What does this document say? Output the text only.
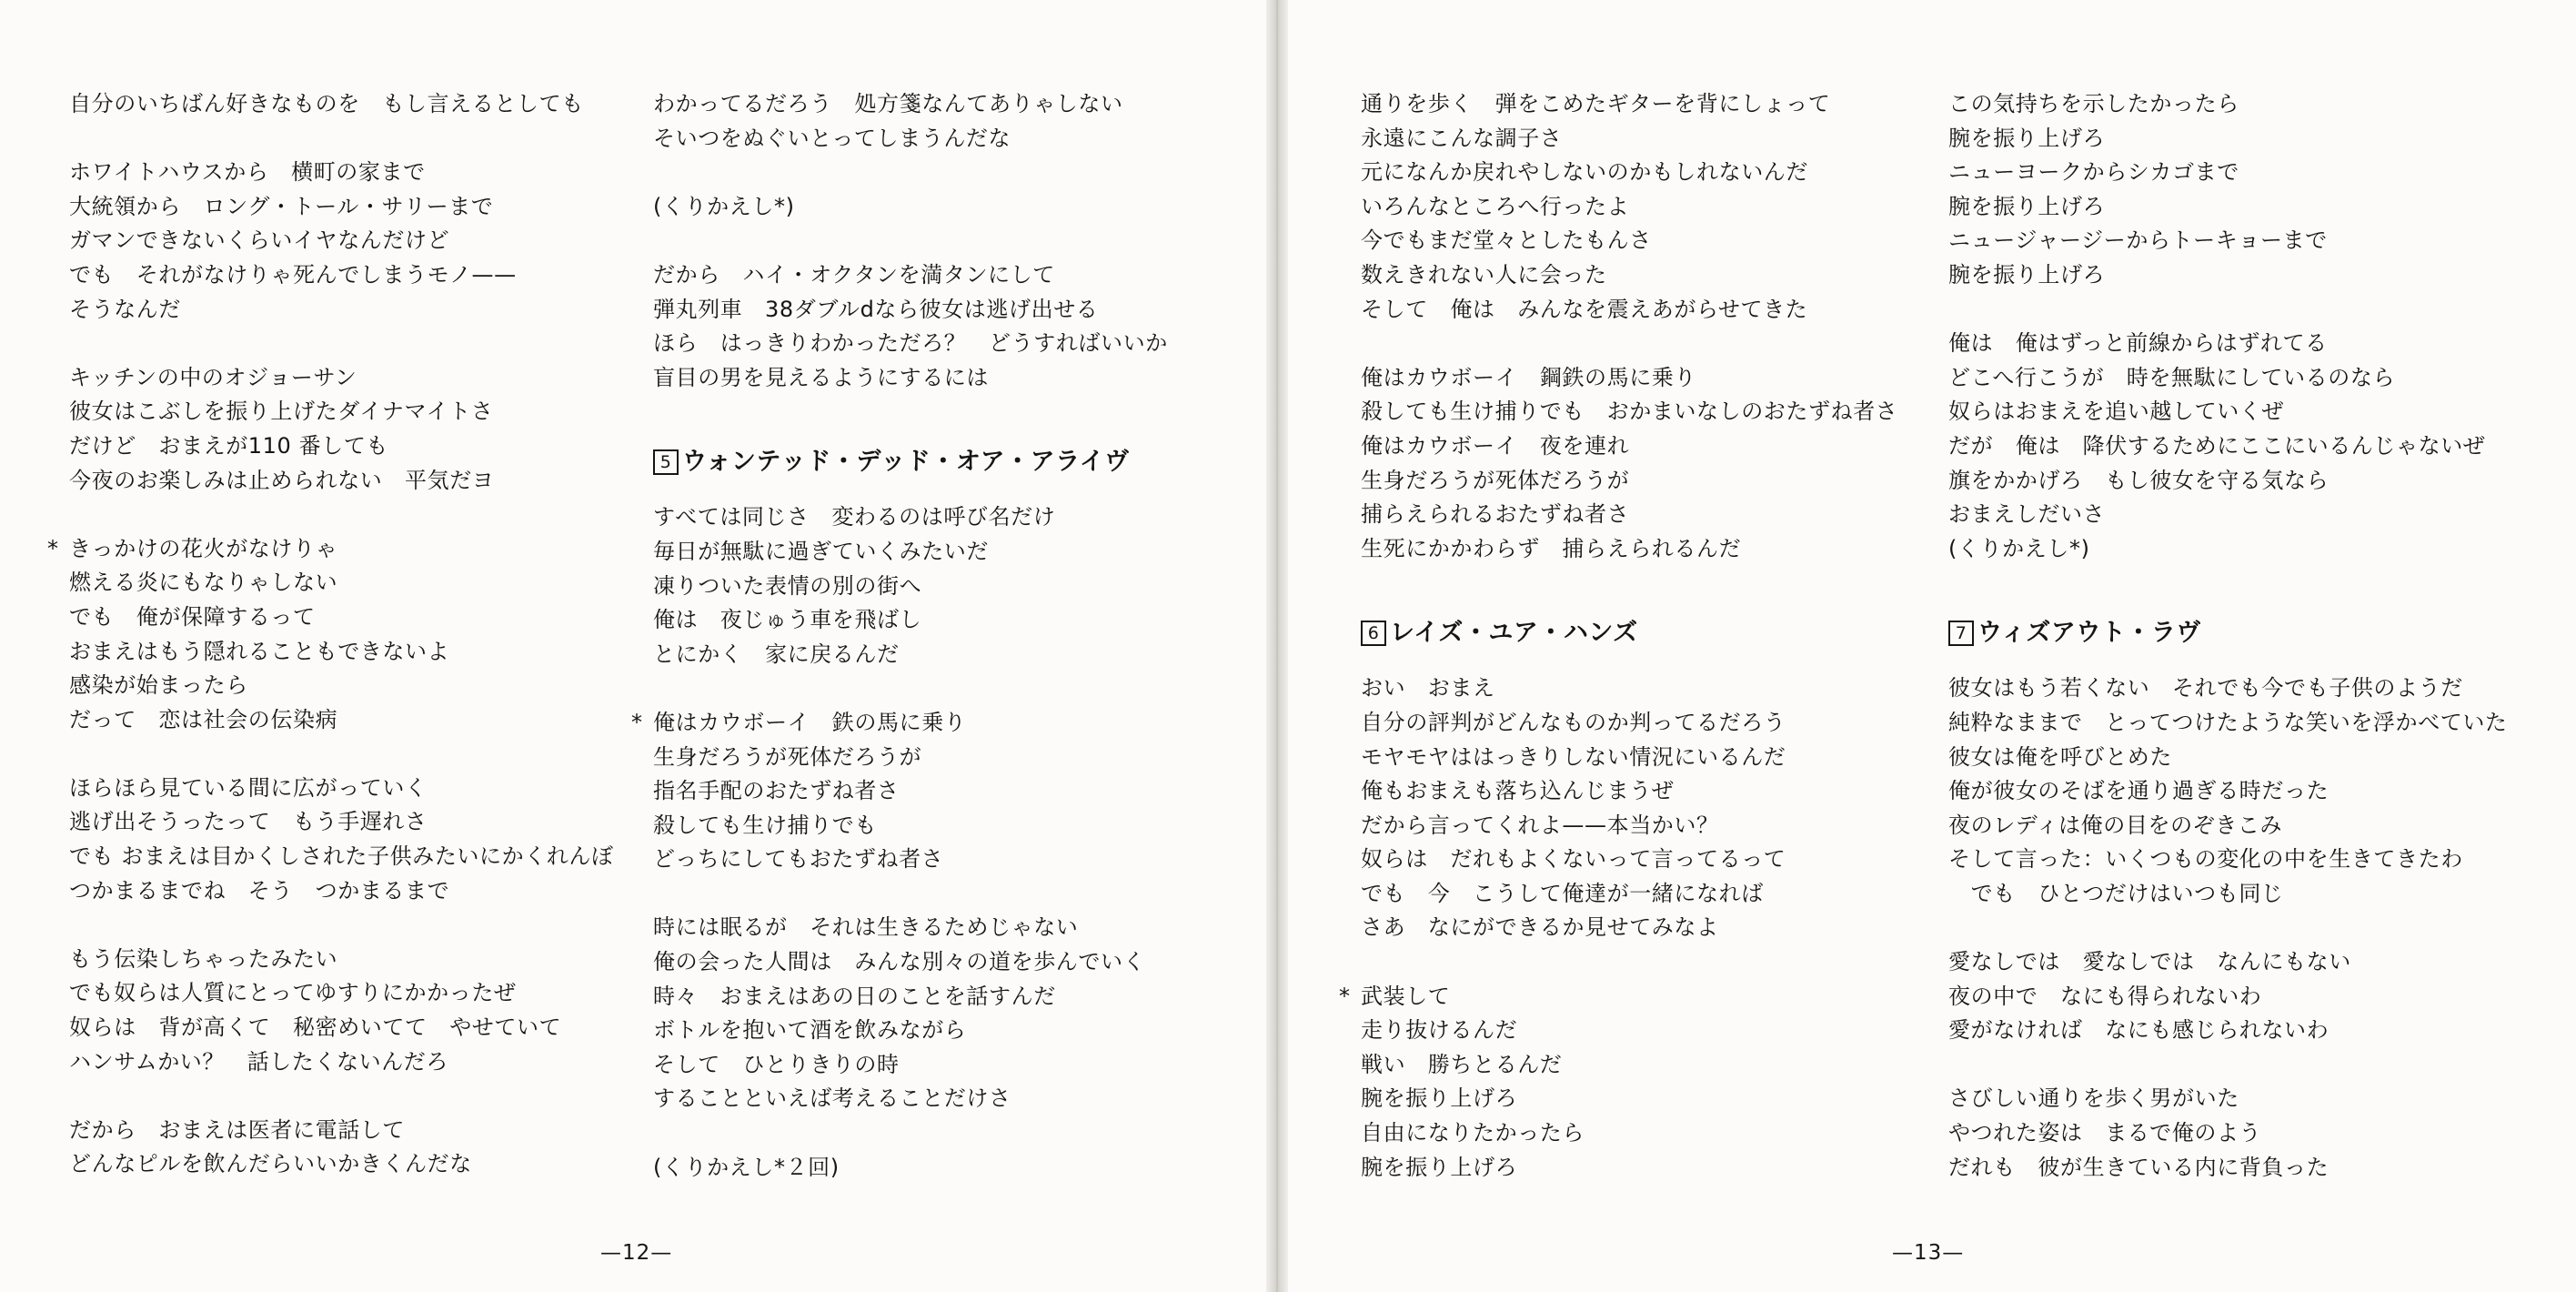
自分のいちばん好きなものを　もし言えるとしても
ホワイトハウスから　横町の家まで
大統領から　ロング・トール・サリーまで
ガマンできないくらいイヤなんだけど
でも　それがなけりゃ死んでしまうモノ——
そうなんだ
キッチンの中のオジョーサン
彼女はこぶしを振り上げたダイナマイトさ
だけど　おまえが110 番しても
今夜のお楽しみは止められない　平気だヨ
* きっかけの花火がなけりゃ
燃える炎にもなりゃしない
でも　俺が保障するって
おまえはもう隠れることもできないよ
感染が始まったら
だって　恋は社会の伝染病
ほらほら見ている間に広がっていく
逃げ出そうったって　もう手遅れさ
でも おまえは目かくしされた子供みたいにかくれんぼ
つかまるまでね　そう　つかまるまで
もう伝染しちゃったみたい
でも奴らは人質にとってゆすりにかかったぜ
奴らは　背が高くて　秘密めいてて　やせていて
ハンサムかい？　話したくないんだろ
だから　おまえは医者に電話して
どんなピルを飲んだらいいかきくんだな
わかってるだろう　処方箋なんてありゃしない
そいつをぬぐいとってしまうんだな
(くりかえし*)
だから　ハイ・オクタンを満タンにして
弾丸列車　38ダブルdなら彼女は逃げ出せる
ほら　はっきりわかっただろ？　どうすればいいか
盲目の男を見えるようにするには
5 ウォンテッド・デッド・オア・アライヴ
すべては同じさ　変わるのは呼び名だけ
毎日が無駄に過ぎていくみたいだ
凍りついた表情の別の街へ
俺は　夜じゅう車を飛ばし
とにかく　家に戻るんだ
* 俺はカウボーイ　鉄の馬に乗り
生身だろうが死体だろうが
指名手配のおたずね者さ
殺しても生け捕りでも
どっちにしてもおたずね者さ
時には眠るが　それは生きるためじゃない
俺の会った人間は　みんな別々の道を歩んでいく
時々　おまえはあの日のことを話すんだ
ボトルを抱いて酒を飲みながら
そして　ひとりきりの時
することといえば考えることだけさ
(くりかえし*２回)
—12—
通りを歩く　弾をこめたギターを背にしょって
永遠にこんな調子さ
元になんか戻れやしないのかもしれないんだ
いろんなところへ行ったよ
今でもまだ堂々としたもんさ
数えきれない人に会った
そして　俺は　みんなを震えあがらせてきた
俺はカウボーイ　鋼鉄の馬に乗り
殺しても生け捕りでも　おかまいなしのおたずね者さ
俺はカウボーイ　夜を連れ
生身だろうが死体だろうが
捕らえられるおたずね者さ
生死にかかわらず　捕らえられるんだ
6 レイズ・ユア・ハンズ
おい　おまえ
自分の評判がどんなものか判ってるだろう
モヤモヤははっきりしない情況にいるんだ
俺もおまえも落ち込んじまうぜ
だから言ってくれよ——本当かい？
奴らは　だれもよくないって言ってるって
でも　今　こうして俺達が一緒になれば
さあ　なにができるか見せてみなよ
* 武装して
走り抜けるんだ
戦い　勝ちとるんだ
腕を振り上げろ
自由になりたかったら
腕を振り上げろ
この気持ちを示したかったら
腕を振り上げろ
ニューヨークからシカゴまで
腕を振り上げろ
ニュージャージーからトーキョーまで
腕を振り上げろ
俺は　俺はずっと前線からはずれてる
どこへ行こうが　時を無駄にしているのなら
奴らはおまえを追い越していくぜ
だが　俺は　降伏するためにここにいるんじゃないぜ
旗をかかげろ　もし彼女を守る気なら
おまえしだいさ
(くりかえし*)
7 ウィズアウト・ラヴ
彼女はもう若くない　それでも今でも子供のようだ
純粋なままで　とってつけたような笑いを浮かべていた
彼女は俺を呼びとめた
俺が彼女のそばを通り過ぎる時だった
夜のレディは俺の目をのぞきこみ
そして言った：いくつもの変化の中を生きてきたわ
　でも　ひとつだけはいつも同じ
愛なしでは　愛なしでは　なんにもない
夜の中で　なにも得られないわ
愛がなければ　なにも感じられないわ
さびしい通りを歩く男がいた
やつれた姿は　まるで俺のよう
だれも　彼が生きている内に背負った
—13—
